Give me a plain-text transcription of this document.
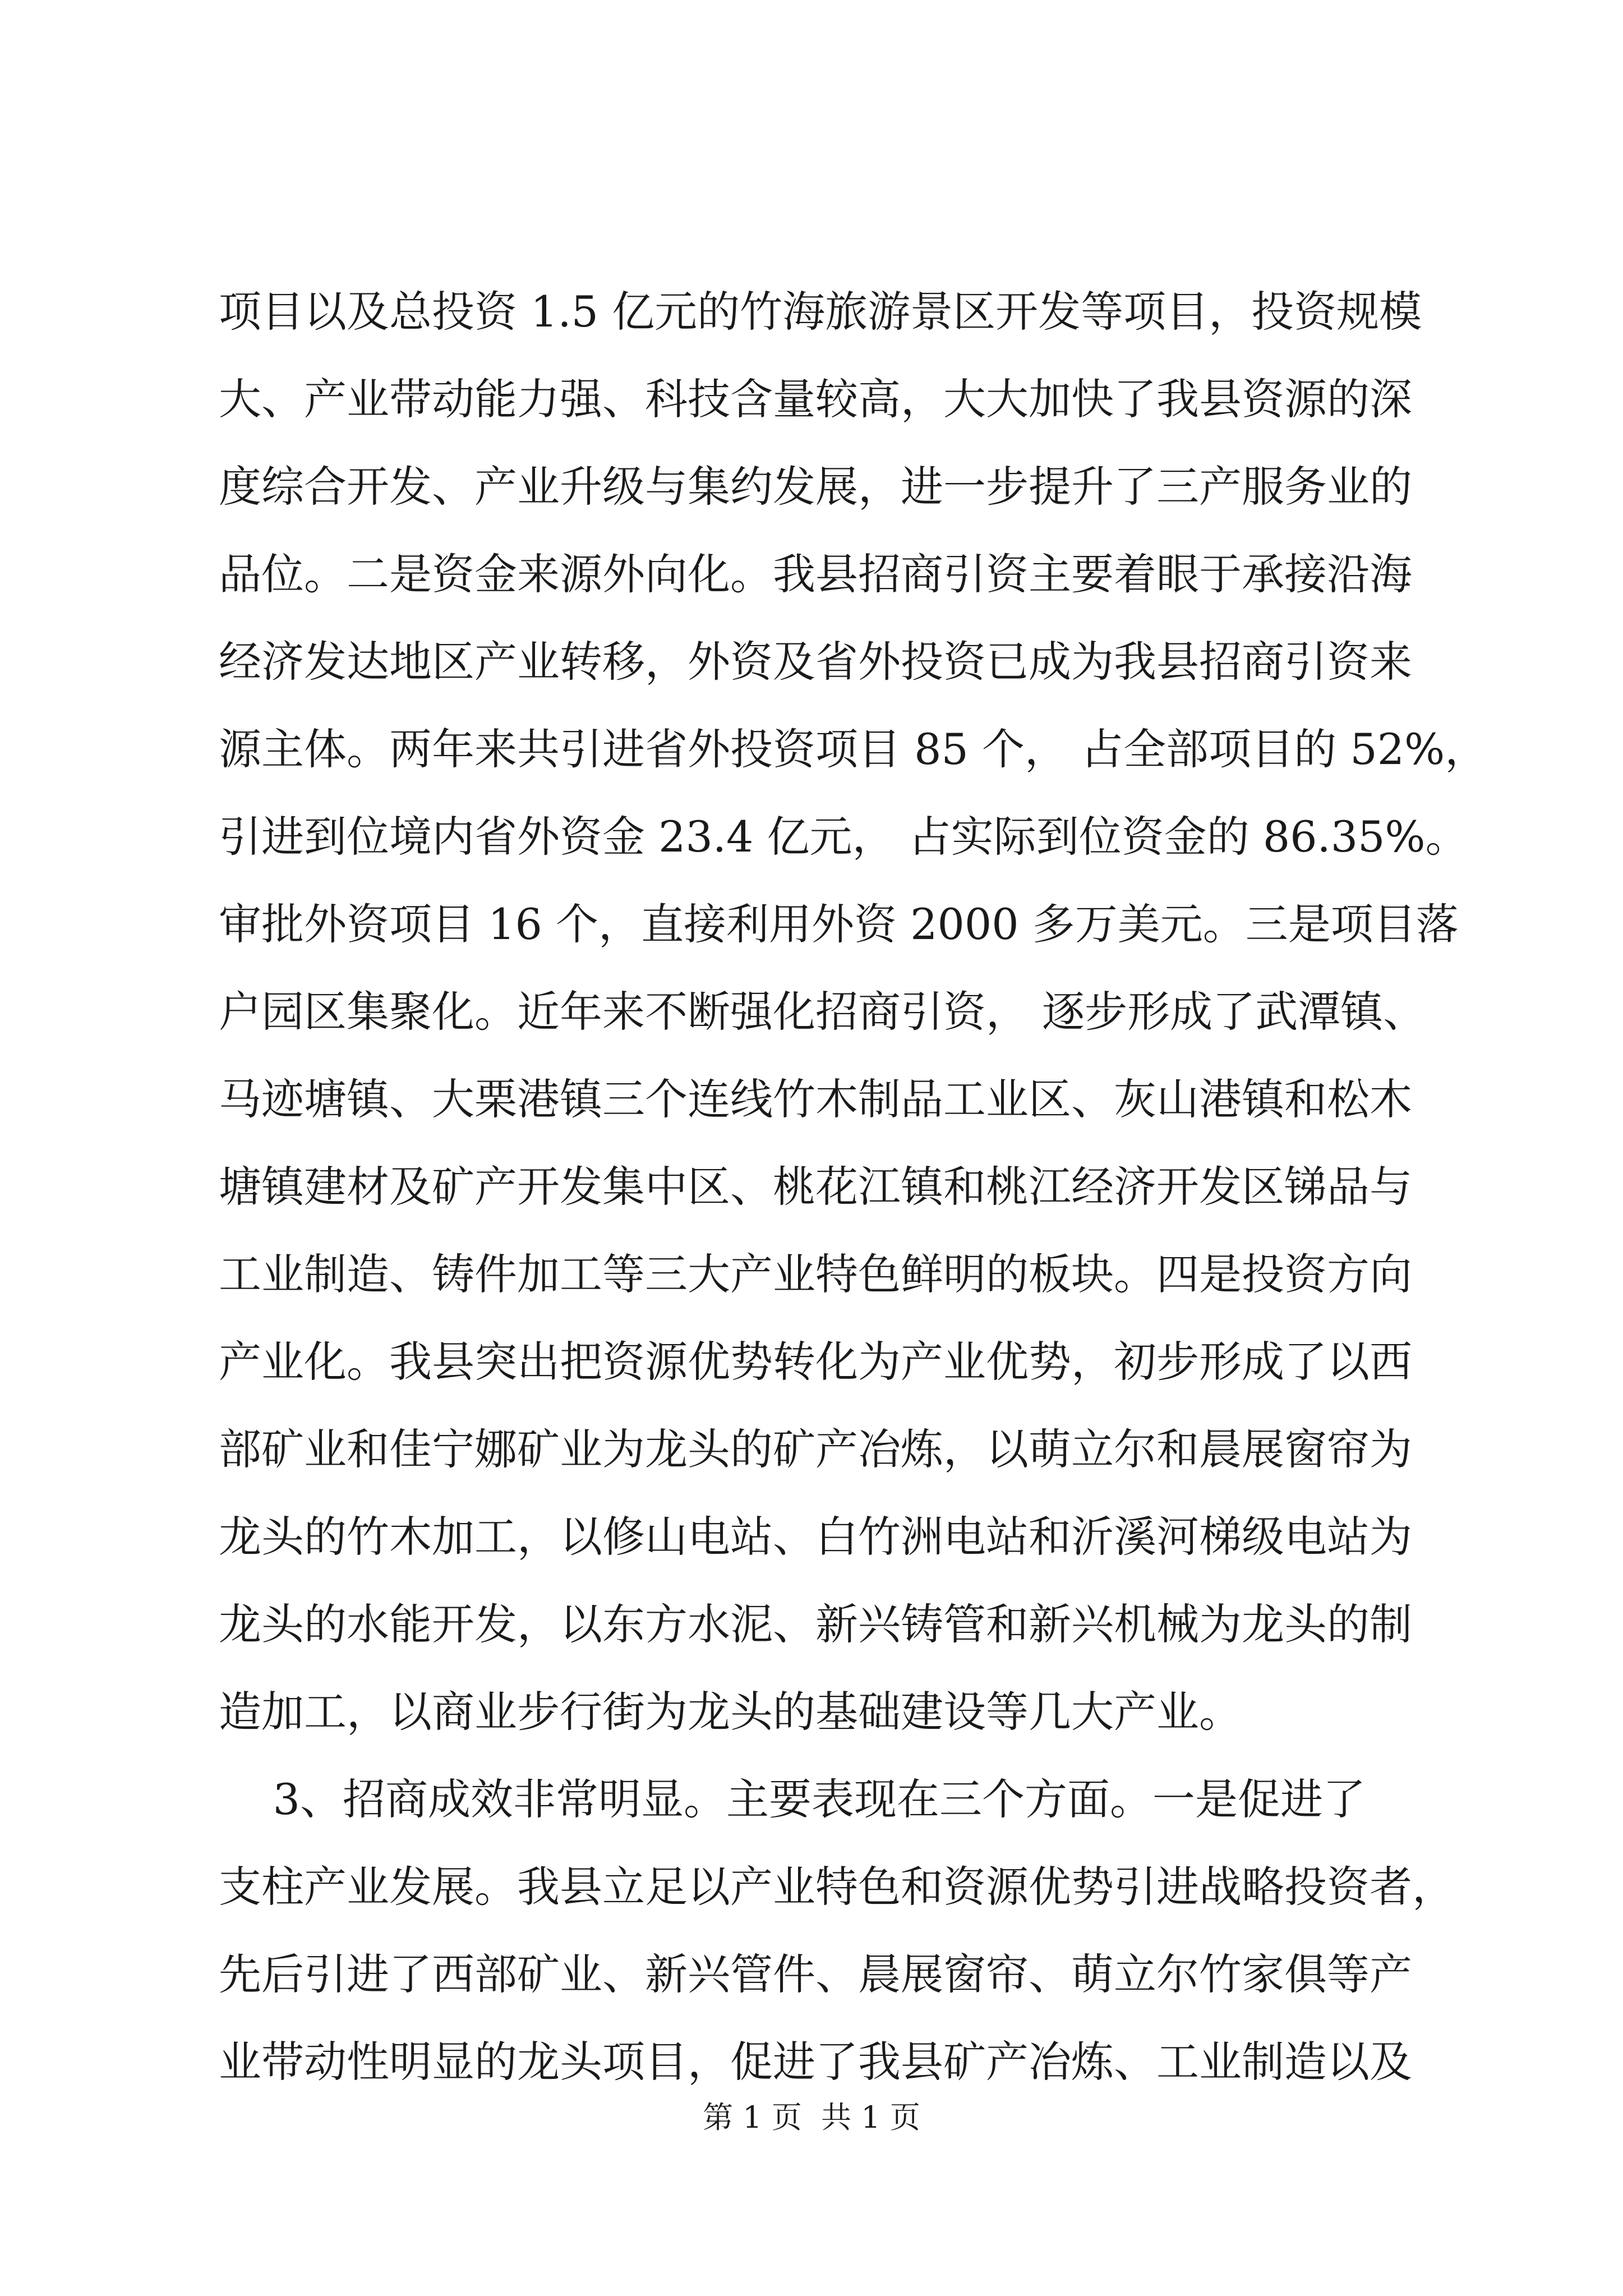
项目以及总投资 1.5 亿元的竹海旅游景区开发等项目，投资规模
大、产业带动能力强、科技含量较高，大大加快了我县资源的深
度综合开发、产业升级与集约发展，进一步提升了三产服务业的
品位。二是资金来源外向化。我县招商引资主要着眼于承接沿海
经济发达地区产业转移，外资及省外投资已成为我县招商引资来
源主体。两年来共引进省外投资项目 85 个， 占全部项目的 52%，
引进到位境内省外资金 23.4 亿元， 占实际到位资金的 86.35%。
审批外资项目 16 个，直接利用外资 2000 多万美元。三是项目落
户园区集聚化。近年来不断强化招商引资， 逐步形成了武潭镇、
马迹塘镇、大栗港镇三个连线竹木制品工业区、灰山港镇和松木
塘镇建材及矿产开发集中区、桃花江镇和桃江经济开发区锑品与
工业制造、铸件加工等三大产业特色鲜明的板块。四是投资方向
产业化。我县突出把资源优势转化为产业优势，初步形成了以西
部矿业和佳宁娜矿业为龙头的矿产冶炼，以萌立尔和晨展窗帘为
龙头的竹木加工，以修山电站、白竹洲电站和沂溪河梯级电站为
龙头的水能开发，以东方水泥、新兴铸管和新兴机械为龙头的制
造加工，以商业步行街为龙头的基础建设等几大产业。
3、招商成效非常明显。主要表现在三个方面。一是促进了
支柱产业发展。我县立足以产业特色和资源优势引进战略投资者，
先后引进了西部矿业、新兴管件、晨展窗帘、萌立尔竹家俱等产
业带动性明显的龙头项目，促进了我县矿产冶炼、工业制造以及
第 1 页  共 1 页
